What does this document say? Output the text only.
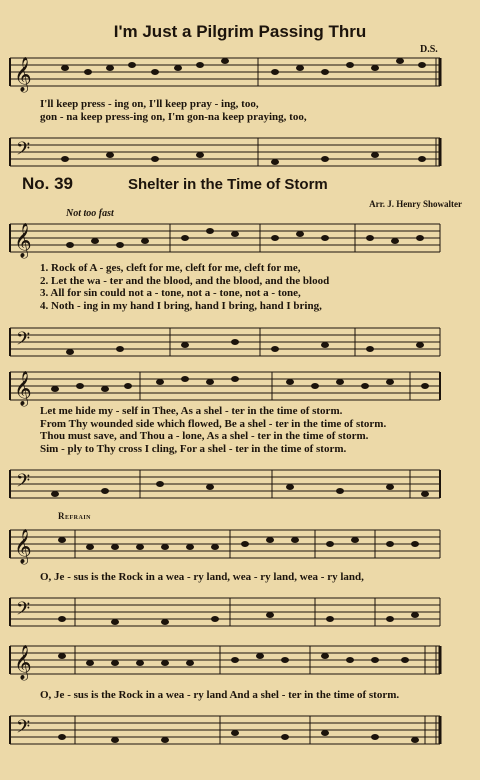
I'm Just a Pilgrim Passing Thru
D.S.
𝄞
I'll keep press - ing on, I'll keep pray - ing, too,
gon - na keep press-ing on, I'm gon-na keep praying, too,
𝄢
No. 39	Shelter in the Time of Storm
Arr. J. Henry Showalter
Not too fast
𝄞
1. Rock of A - ges, cleft for me, cleft for me, cleft for me,
2. Let the wa - ter and the blood, and the blood, and the blood
3. All for sin could not a - tone, not a - tone, not a - tone,
4. Noth - ing in my hand I bring, hand I bring, hand I bring,
𝄢
𝄞
Let me hide my - self in Thee, As a shel - ter in the time of storm.
From Thy wounded side which flowed, Be a shel - ter in the time of storm.
Thou must save, and Thou a - lone, As a shel - ter in the time of storm.
Sim - ply to Thy cross I cling, For a shel - ter in the time of storm.
𝄢
Refrain
𝄞
O, Je - sus is the Rock in a wea - ry land, wea - ry land, wea - ry land,
𝄢
𝄞
O, Je - sus is the Rock in a wea - ry land And a shel - ter in the time of storm.
𝄢
